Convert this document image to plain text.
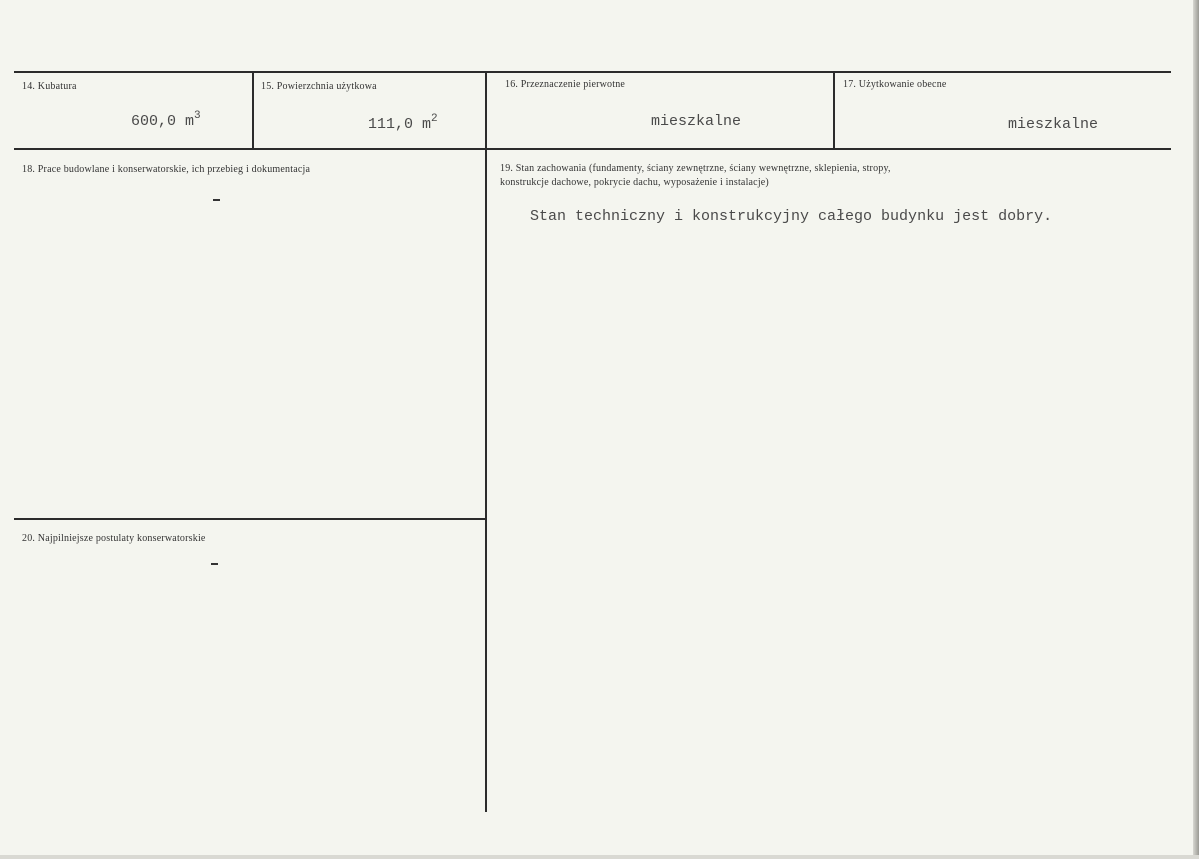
14. Kubatura
600,0 $m^3$
15. Powierzchnia użytkowa
111,0 $m^2$
16. Przeznaczenie pierwotne
mieszkalne
17. Użytkowanie obecne
mieszkalne
18. Prace budowlane i konserwatorskie, ich przebieg i dokumentacja	19. Stan zachowania (fundamenty, ściany zewnętrzne, ściany wewnętrzne, sklepienia, stropy,
konstrukcje dachowe, pokrycie dachu, wyposażenie i instalacje)
Stan techniczny i konstrukcyjny całego budynku jest dobry.
20. Najpilniejsze postulaty konserwatorskie
